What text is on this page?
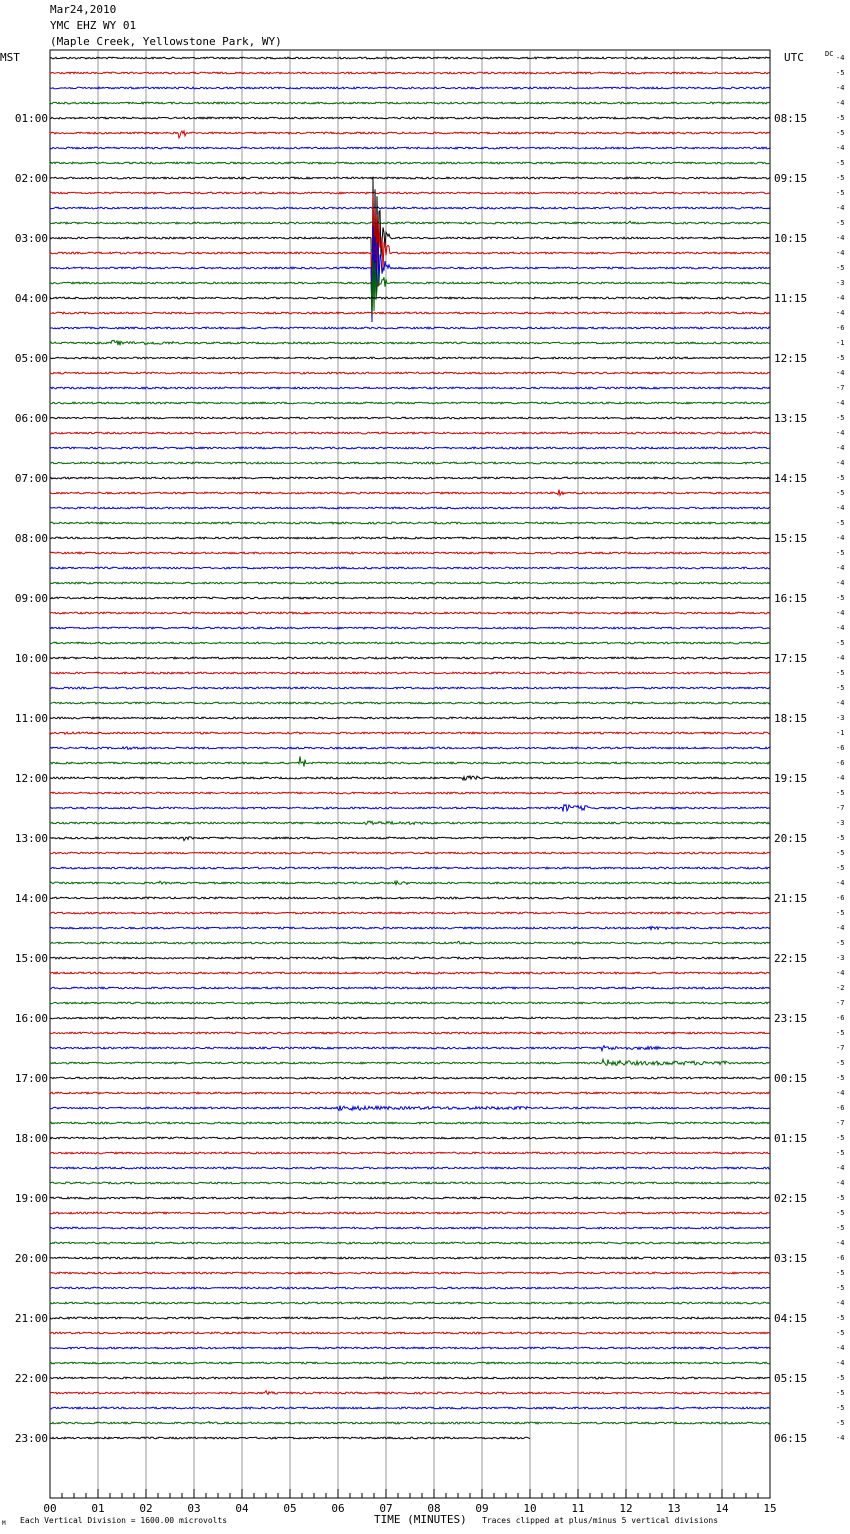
Mar24,2010
YMC EHZ WY 01
(Maple Creek, Yellowstone Park, WY)
00	01	02	03	04	05	06	07	08	09	10	11	12	13	14	15
MST	UTC	DC -4
-5
-4
-4
-5
-5
-4
-5
-5
-5
-4
-5
-4
-4
-5
-3
-4
-4
-6
-1
-5
-4
-7
-4
-5
-4
-4
-4
-5
-5
-4
-5
-4
-5
-4
-4
-5
-4
-4
-5
-4
-5
-5
-4
-3
-1
-6
-6
-4
-5
-7
-3
-5
-5
-5
-4
-6
-5
-4
-5
-3
-4
-2
-7
-6
-5
-7
-5
-5
-4
-6
-7
-5
-5
-4
-4
-5
-5
-5
-4
-6
-5
-5
-4
-5
-5
-4
-4
-5
-5
-5
-5
-4
01:00
02:00
03:00
04:00
05:00
06:00
07:00
08:00
09:00
10:00
11:00
12:00
13:00
14:00
15:00
16:00
17:00
18:00
19:00
20:00
21:00
22:00
23:00
08:15
09:15
10:15
11:15
12:15
13:15
14:15
15:15
16:15
17:15
18:15
19:15
20:15
21:15
22:15
23:15
00:15
01:15
02:15
03:15
04:15
05:15
06:15
Each Vertical Division = 1600.00 microvolts	TIME (MINUTES) Traces clipped at plus/minus 5 vertical divisions
M
